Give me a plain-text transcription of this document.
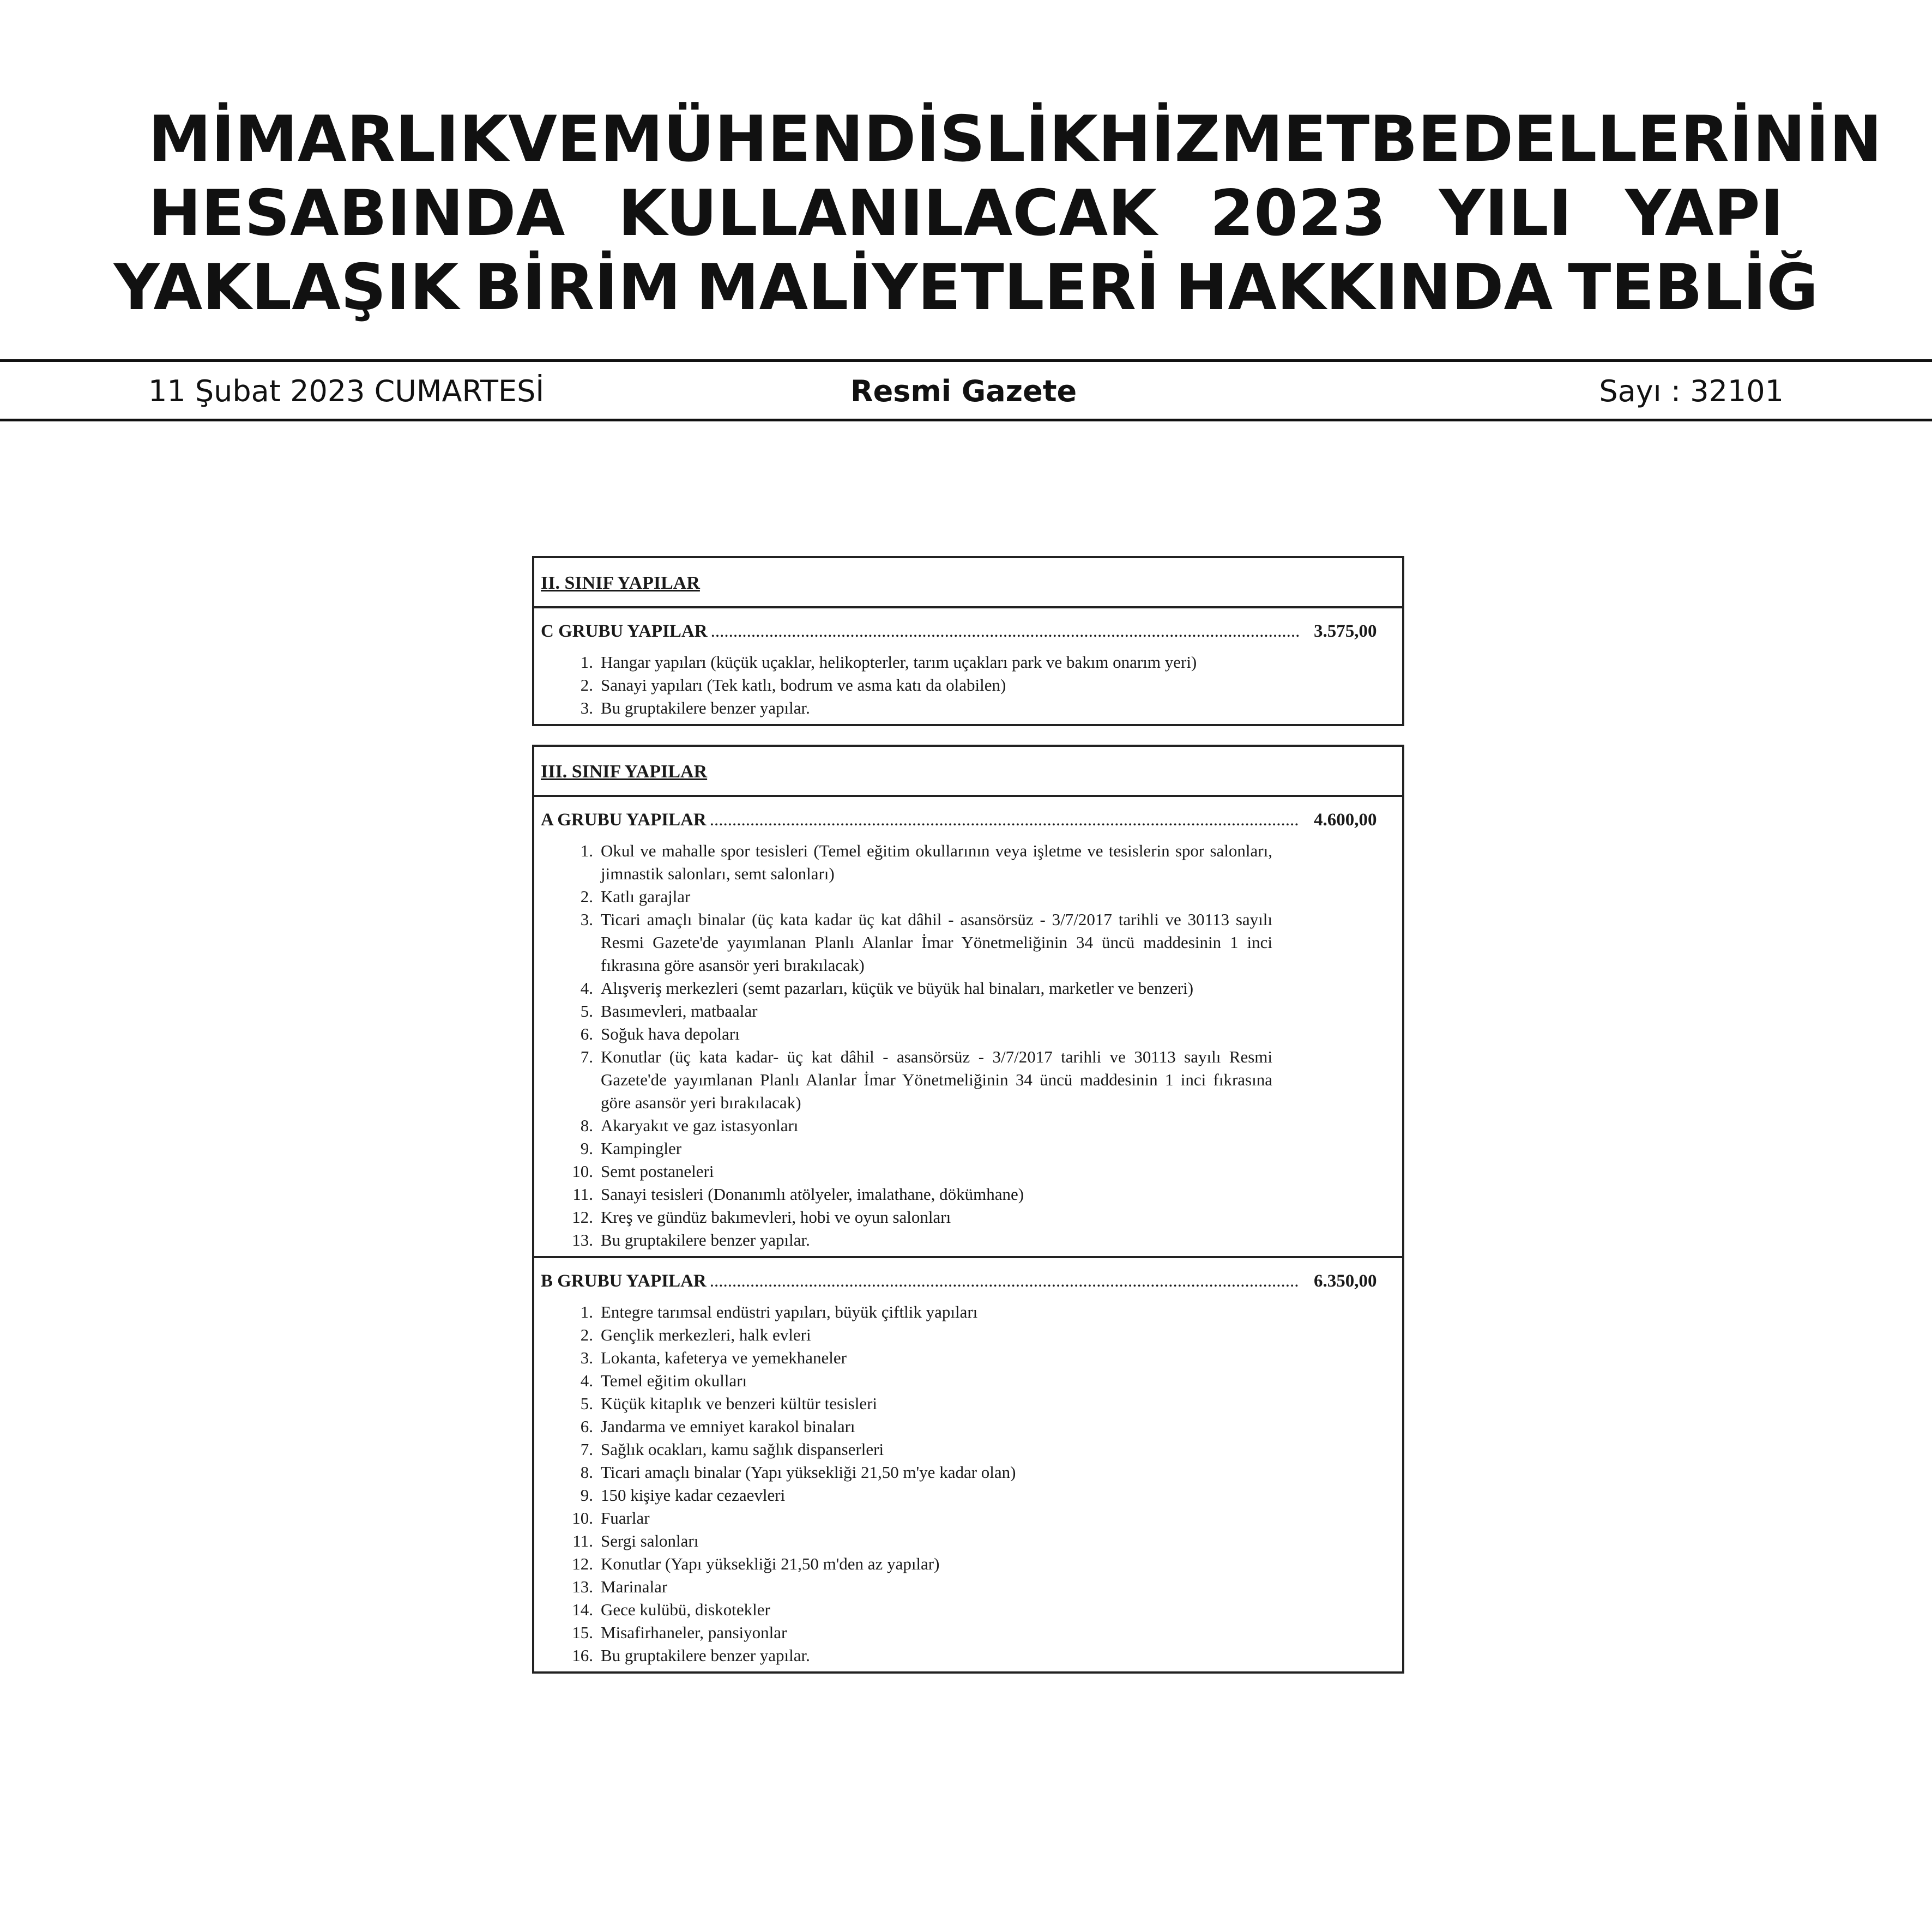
MİMARLIK VE MÜHENDİSLİK HİZMET BEDELLERİNİN
HESABINDA KULLANILACAK 2023 YILI YAPI
YAKLAŞIK BİRİM MALİYETLERİ HAKKINDA TEBLİĞ
11 Şubat 2023 CUMARTESİ	Resmi Gazete	Sayı : 32101
II. SINIF YAPILAR
C GRUBU YAPILAR .....	3.575,00
1. Hangar yapıları (küçük uçaklar, helikopterler, tarım uçakları park ve bakım onarım yeri)
2. Sanayi yapıları (Tek katlı, bodrum ve asma katı da olabilen)
3. Bu gruptakilere benzer yapılar.
III. SINIF YAPILAR
A GRUBU YAPILAR .....	4.600,00
1. Okul ve mahalle spor tesisleri (Temel eğitim okullarının veya işletme ve tesislerin spor salonları, jimnastik salonları, semt salonları)
2. Katlı garajlar
3. Ticari amaçlı binalar (üç kata kadar üç kat dâhil - asansörsüz - 3/7/2017 tarihli ve 30113 sayılı Resmi Gazete'de yayımlanan Planlı Alanlar İmar Yönetmeliğinin 34 üncü maddesinin 1 inci fıkrasına göre asansör yeri bırakılacak)
4. Alışveriş merkezleri (semt pazarları, küçük ve büyük hal binaları, marketler ve benzeri)
5. Basımevleri, matbaalar
6. Soğuk hava depoları
7. Konutlar (üç kata kadar- üç kat dâhil - asansörsüz - 3/7/2017 tarihli ve 30113 sayılı Resmi Gazete'de yayımlanan Planlı Alanlar İmar Yönetmeliğinin 34 üncü maddesinin 1 inci fıkrasına göre asansör yeri bırakılacak)
8. Akaryakıt ve gaz istasyonları
9. Kampingler
10. Semt postaneleri
11. Sanayi tesisleri (Donanımlı atölyeler, imalathane, dökümhane)
12. Kreş ve gündüz bakımevleri, hobi ve oyun salonları
13. Bu gruptakilere benzer yapılar.
B GRUBU YAPILAR .....	6.350,00
1. Entegre tarımsal endüstri yapıları, büyük çiftlik yapıları
2. Gençlik merkezleri, halk evleri
3. Lokanta, kafeterya ve yemekhaneler
4. Temel eğitim okulları
5. Küçük kitaplık ve benzeri kültür tesisleri
6. Jandarma ve emniyet karakol binaları
7. Sağlık ocakları, kamu sağlık dispanserleri
8. Ticari amaçlı binalar (Yapı yüksekliği 21,50 m'ye kadar olan)
9. 150 kişiye kadar cezaevleri
10. Fuarlar
11. Sergi salonları
12. Konutlar (Yapı yüksekliği 21,50 m'den az yapılar)
13. Marinalar
14. Gece kulübü, diskotekler
15. Misafirhaneler, pansiyonlar
16. Bu gruptakilere benzer yapılar.
